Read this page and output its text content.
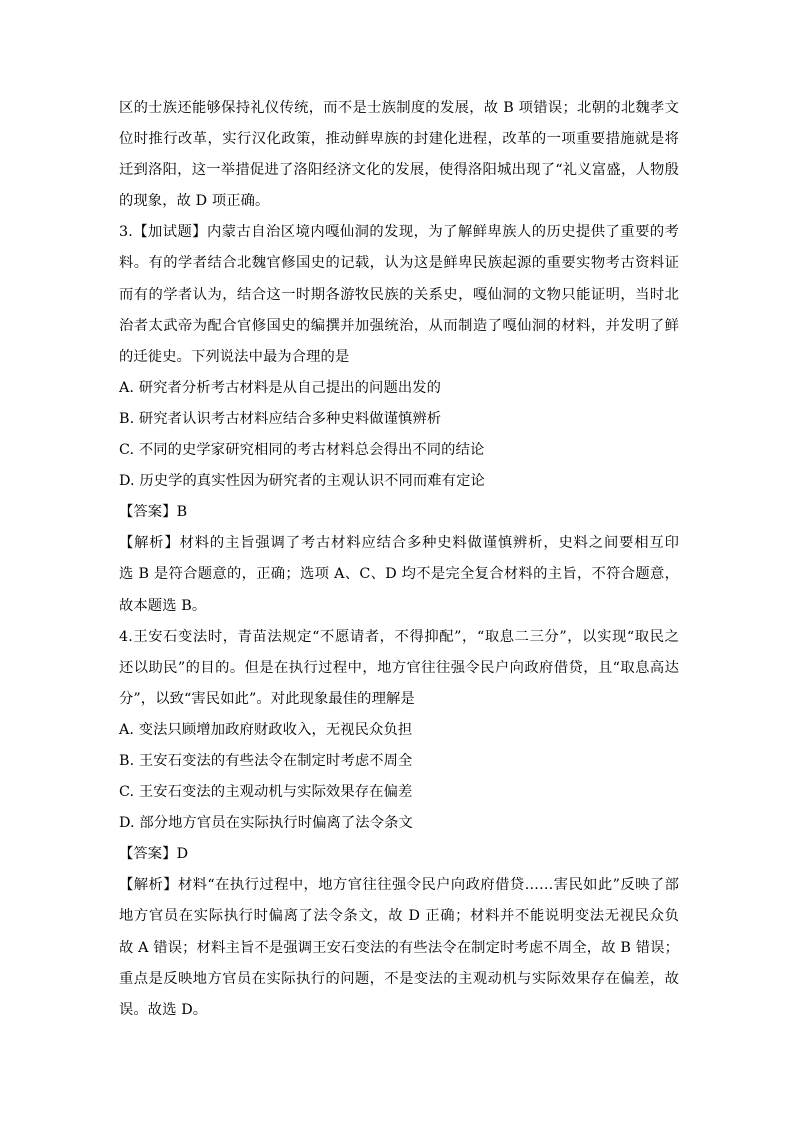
区的士族还能够保持礼仪传统，而不是士族制度的发展，故 B 项错误；北朝的北魏孝文
位时推行改革，实行汉化政策，推动鲜卑族的封建化进程，改革的一项重要措施就是将
迁到洛阳，这一举措促进了洛阳经济文化的发展，使得洛阳城出现了“礼义富盛，人物殷
的现象，故 D 项正确。
3.【加试题】内蒙古自治区境内嘎仙洞的发现，为了解鲜卑族人的历史提供了重要的考
料。有的学者结合北魏官修国史的记载，认为这是鲜卑民族起源的重要实物考古资料证
而有的学者认为，结合这一时期各游牧民族的关系史，嘎仙洞的文物只能证明，当时北
治者太武帝为配合官修国史的编撰并加强统治，从而制造了嘎仙洞的材料，并发明了鲜
的迁徙史。下列说法中最为合理的是
A. 研究者分析考古材料是从自己提出的问题出发的
B. 研究者认识考古材料应结合多种史料做谨慎辨析
C. 不同的史学家研究相同的考古材料总会得出不同的结论
D. 历史学的真实性因为研究者的主观认识不同而难有定论
【答案】B
【解析】材料的主旨强调了考古材料应结合多种史料做谨慎辨析，史料之间要相互印
选 B 是符合题意的，正确；选项 A、C、D 均不是完全复合材料的主旨，不符合题意，
故本题选 B。
4.王安石变法时，青苗法规定“不愿请者，不得抑配”，“取息二三分”，以实现“取民之
还以助民”的目的。但是在执行过程中，地方官往往强令民户向政府借贷，且“取息高达
分”，以致“害民如此”。对此现象最佳的理解是
A. 变法只顾增加政府财政收入，无视民众负担
B. 王安石变法的有些法令在制定时考虑不周全
C. 王安石变法的主观动机与实际效果存在偏差
D. 部分地方官员在实际执行时偏离了法令条文
【答案】D
【解析】材料“在执行过程中，地方官往往强令民户向政府借贷……害民如此”反映了部
地方官员在实际执行时偏离了法令条文，故 D 正确；材料并不能说明变法无视民众负
故 A 错误；材料主旨不是强调王安石变法的有些法令在制定时考虑不周全，故 B 错误；
重点是反映地方官员在实际执行的问题，不是变法的主观动机与实际效果存在偏差，故
误。故选 D。
